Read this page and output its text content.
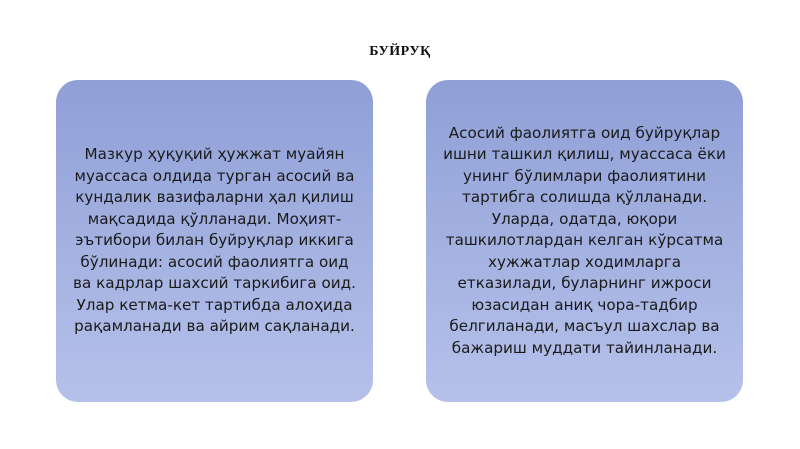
БУЙРУҚ

Мазкур ҳуқуқий ҳужжат муайян муассаса олдида турган асосий ва кундалик вазифаларни ҳал қилиш мақсадида қўлланади. Моҳият-эътибори билан буйруқлар иккига бўлинади: асосий фаолиятга оид ва кадрлар шахсий таркибига оид. Улар кетма-кет тартибда алоҳида рақамланади ва айрим сақланади.

Асосий фаолиятга оид буйруқлар ишни ташкил қилиш, муассаса ёки унинг бўлимлари фаолиятини тартибга солишда қўлланади. Уларда, одатда, юқори ташкилотлардан келган кўрсатма хужжатлар ходимларга етказилади, буларнинг ижроси юзасидан аниқ чора-тадбир белгиланади, масъул шахслар ва бажариш муддати тайинланади.
